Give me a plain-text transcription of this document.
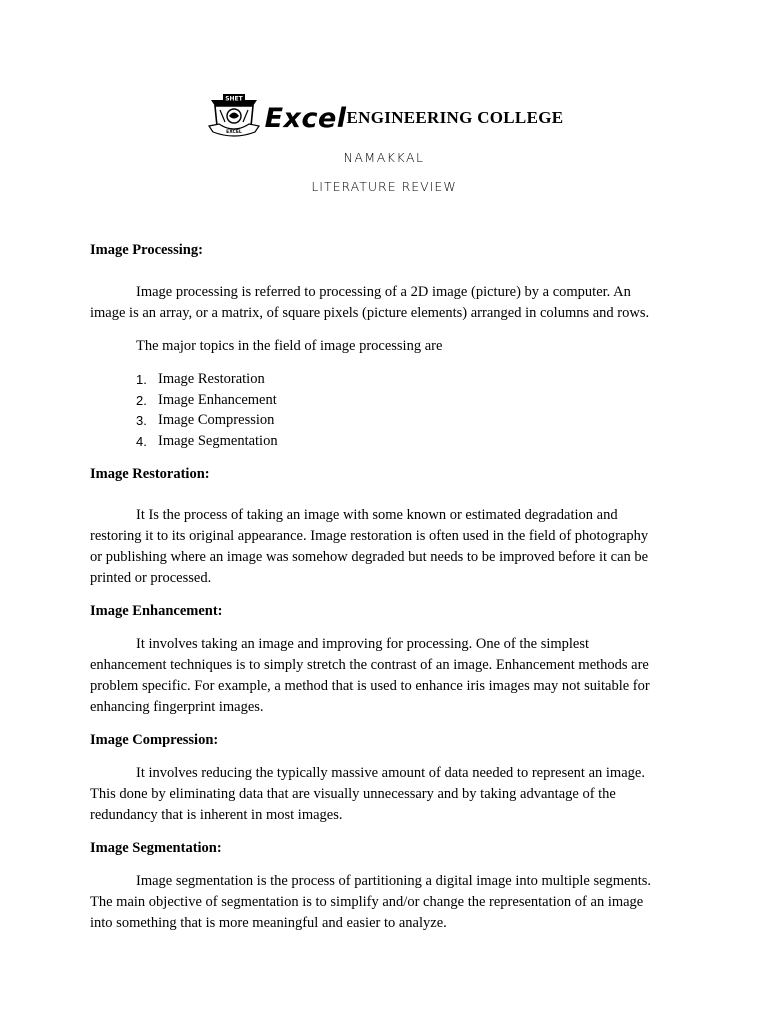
SHET
EXCEL Excel ENGINEERING COLLEGE
NAMAKKAL
LITERATURE REVIEW

Image Processing:

Image processing is referred to processing of a 2D image (picture) by a computer. An

image is an array, or a matrix, of square pixels (picture elements) arranged in columns and rows.

The major topics in the field of image processing are

1. Image Restoration
2. Image Enhancement
3. Image Compression
4. Image Segmentation

Image Restoration:

It Is the process of taking an image with some known or estimated degradation and

restoring it to its original appearance. Image restoration is often used in the field of photography

or publishing where an image was somehow degraded but needs to be improved before it can be

printed or processed.

Image Enhancement:

It involves taking an image and improving for processing. One of the simplest

enhancement techniques is to simply stretch the contrast of an image. Enhancement methods are

problem specific. For example, a method that is used to enhance iris images may not suitable for

enhancing fingerprint images.

Image Compression:

It involves reducing the typically massive amount of data needed to represent an image.

This done by eliminating data that are visually unnecessary and by taking advantage of the

redundancy that is inherent in most images.

Image Segmentation:

Image segmentation is the process of partitioning a digital image into multiple segments.

The main objective of segmentation is to simplify and/or change the representation of an image

into something that is more meaningful and easier to analyze.
